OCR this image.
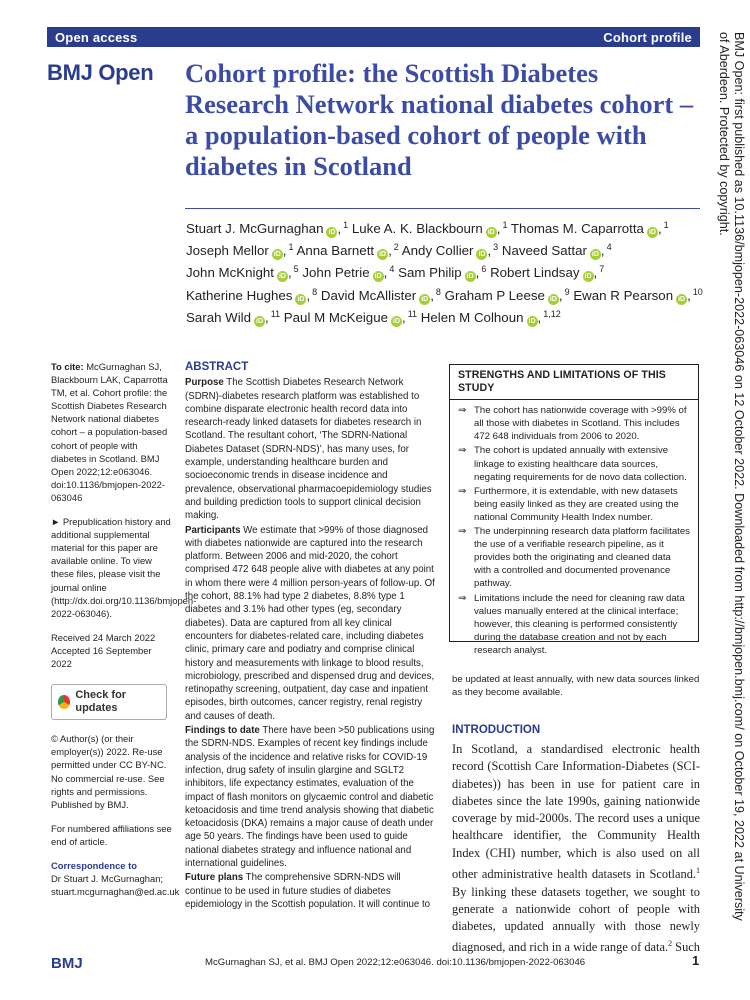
Open access	Cohort profile
BMJ Open Cohort profile: the Scottish Diabetes Research Network national diabetes cohort – a population-based cohort of people with diabetes in Scotland
Stuart J. McGurnaghan iD , $^1$ Luke A. K. Blackbourn iD , $^1$ Thomas M. Caparrotta iD , $^1$ Joseph Mellor iD , $^1$ Anna Barnett iD , $^2$ Andy Collier iD , $^3$ Naveed Sattar iD , $^4$ John McKnight iD , $^5$ John Petrie iD , $^4$ Sam Philip iD , $^6$ Robert Lindsay iD , $^7$ Katherine Hughes iD , $^8$ David McAllister iD , $^8$ Graham P Leese iD , $^9$ Ewan R Pearson iD , $^{10}$ Sarah Wild iD , $^{11}$ Paul M McKeigue iD , $^{11}$ Helen M Colhoun iD , $^{1,12}$

To cite: McGurnaghan SJ, Blackbourn LAK, Caparrotta TM, et al. Cohort profile: the Scottish Diabetes Research Network national diabetes cohort – a population-based cohort of people with diabetes in Scotland. BMJ Open 2022;12:e063046. doi:10.1136/bmjopen-2022-063046

► Prepublication history and additional supplemental material for this paper are available online. To view these files, please visit the journal online (http://dx.doi.org/10.1136/bmjopen-2022-063046).

Received 24 March 2022
Accepted 16 September 2022
Check for updates

© Author(s) (or their employer(s)) 2022. Re-use permitted under CC BY-NC. No commercial re-use. See rights and permissions. Published by BMJ.

For numbered affiliations see end of article.

Correspondence to
Dr Stuart J. McGurnaghan;
stuart.mcgurnaghan@ed.ac.uk
ABSTRACT

Purpose The Scottish Diabetes Research Network (SDRN)-diabetes research platform was established to combine disparate electronic health record data into research-ready linked datasets for diabetes research in Scotland. The resultant cohort, ‘The SDRN-National Diabetes Dataset (SDRN-NDS)’, has many uses, for example, understanding healthcare burden and socioeconomic trends in disease incidence and prevalence, observational pharmacoepidemiology studies and building prediction tools to support clinical decision making.

Participants We estimate that >99% of those diagnosed with diabetes nationwide are captured into the research platform. Between 2006 and mid-2020, the cohort comprised 472 648 people alive with diabetes at any point in whom there were 4 million person-years of follow-up. Of the cohort, 88.1% had type 2 diabetes, 8.8% type 1 diabetes and 3.1% had other types (eg, secondary diabetes). Data are captured from all key clinical encounters for diabetes-related care, including diabetes clinic, primary care and podiatry and comprise clinical history and measurements with linkage to blood results, microbiology, prescribed and dispensed drug and devices, retinopathy screening, outpatient, day case and inpatient episodes, birth outcomes, cancer registry, renal registry and causes of death.

Findings to date There have been >50 publications using the SDRN-NDS. Examples of recent key findings include analysis of the incidence and relative risks for COVID-19 infection, drug safety of insulin glargine and SGLT2 inhibitors, life expectancy estimates, evaluation of the impact of flash monitors on glycaemic control and diabetic ketoacidosis and time trend analysis showing that diabetic ketoacidosis (DKA) remains a major cause of death under age 50 years. The findings have been used to guide national diabetes strategy and influence national and international guidelines.

Future plans The comprehensive SDRN-NDS will continue to be used in future studies of diabetes epidemiology in the Scottish population. It will continue to

STRENGTHS AND LIMITATIONS OF THIS STUDY
⇒ The cohort has nationwide coverage with >99% of all those with diabetes in Scotland. This includes 472 648 individuals from 2006 to 2020.
⇒ The cohort is updated annually with extensive linkage to existing healthcare data sources, negating requirements for de novo data collection.
⇒ Furthermore, it is extendable, with new datasets being easily linked as they are created using the national Community Health Index number.
⇒ The underpinning research data platform facilitates the use of a verifiable research pipeline, as it provides both the originating and cleaned data with a controlled and documented provenance pathway.
⇒ Limitations include the need for cleaning raw data values manually entered at the clinical interface; however, this cleaning is performed consistently during the database creation and not by each research analyst.
be updated at least annually, with new data sources linked as they become available.
INTRODUCTION
In Scotland, a standardised electronic health record (Scottish Care Information-Diabetes (SCI-diabetes)) has been in use for patient care in diabetes since the late 1990s, gaining nationwide coverage by mid-2000s. The record uses a unique healthcare identifier, the Community Health Index (CHI) number, which is also used on all other administrative health datasets in Scotland.$^1$ By linking these datasets together, we sought to generate a nationwide cohort of people with diabetes, updated annually with those newly diagnosed, and rich in a wide range of data.$^2$ Such
BMJ Open: first published as 10.1136/bmjopen-2022-063046 on 12 October 2022. Downloaded from http://bmjopen.bmj.com/ on October 19, 2022 at University of Aberdeen. Protected by copyright.
BMJ	McGurnaghan SJ, et al. BMJ Open 2022;12:e063046. doi:10.1136/bmjopen-2022-063046	1
